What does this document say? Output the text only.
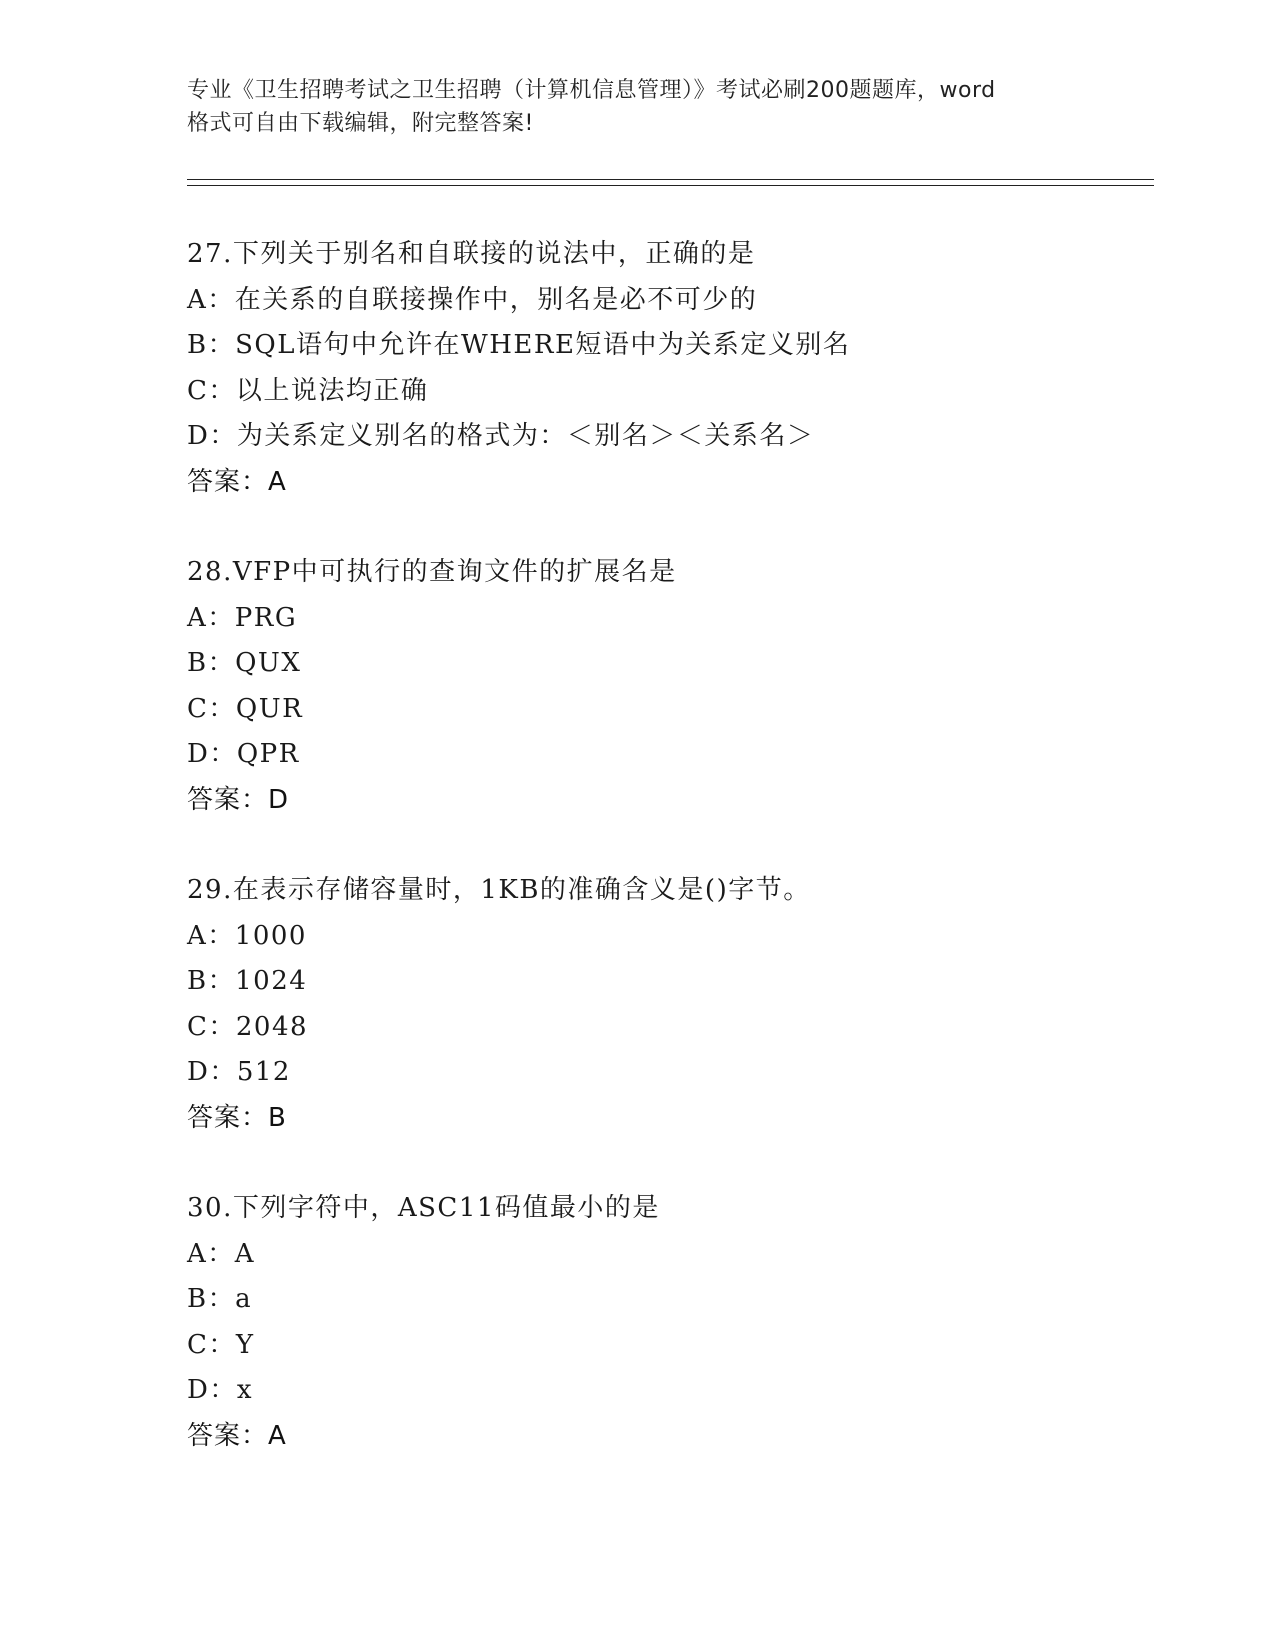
专业《卫生招聘考试之卫生招聘（计算机信息管理）》考试必刷200题题库，word
格式可自由下载编辑，附完整答案!
27.下列关于别名和自联接的说法中，正确的是
A：在关系的自联接操作中，别名是必不可少的
B：SQL语句中允许在WHERE短语中为关系定义别名
C：以上说法均正确
D：为关系定义别名的格式为：＜别名＞＜关系名＞
答案：A
28.VFP中可执行的查询文件的扩展名是
A：PRG
B：QUX
C：QUR
D：QPR
答案：D
29.在表示存储容量时，1KB的准确含义是()字节。
A：1000
B：1024
C：2048
D：512
答案：B
30.下列字符中，ASC11码值最小的是
A：A
B：a
C：Y
D：x
答案：A
